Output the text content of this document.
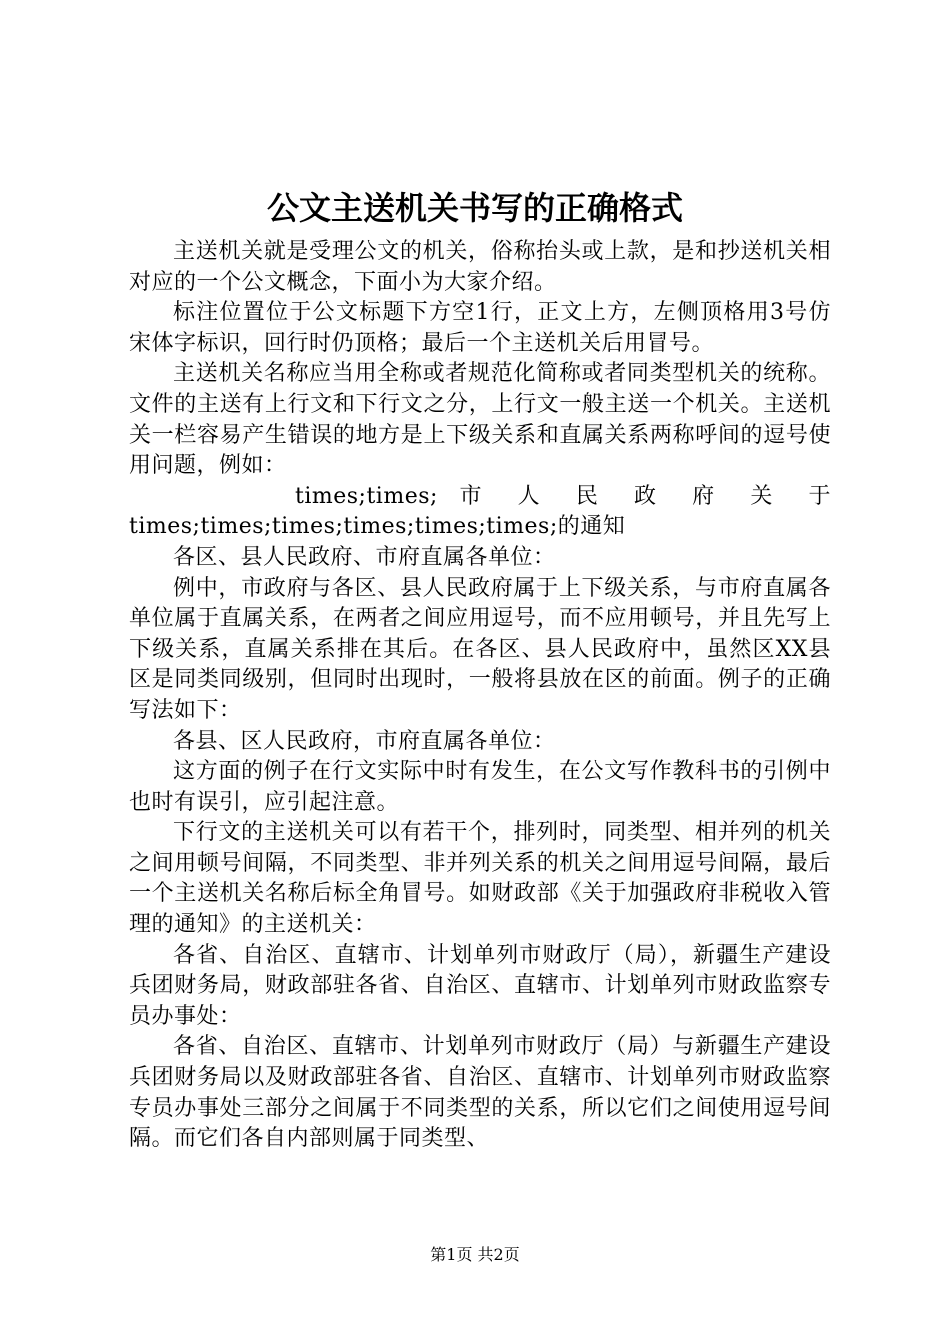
公文主送机关书写的正确格式

主送机关就是受理公文的机关，俗称抬头或上款，是和抄送机关相对应的一个公文概念，下面小为大家介绍。

标注位置位于公文标题下方空1行，正文上方，左侧顶格用3号仿宋体字标识，回行时仍顶格；最后一个主送机关后用冒号。

主送机关名称应当用全称或者规范化简称或者同类型机关的统称。文件的主送有上行文和下行文之分，上行文一般主送一个机关。主送机关一栏容易产生错误的地方是上下级关系和直属关系两称呼间的逗号使用问题，例如：

times;times; 市 人 民 政 府 关 于 times;times;times;times;times;times;的通知

各区、县人民政府、市府直属各单位：

例中，市政府与各区、县人民政府属于上下级关系，与市府直属各单位属于直属关系，在两者之间应用逗号，而不应用顿号，并且先写上下级关系，直属关系排在其后。在各区、县人民政府中，虽然区XX县区是同类同级别，但同时出现时，一般将县放在区的前面。例子的正确写法如下：

各县、区人民政府，市府直属各单位：

这方面的例子在行文实际中时有发生，在公文写作教科书的引例中也时有误引，应引起注意。

下行文的主送机关可以有若干个，排列时，同类型、相并列的机关之间用顿号间隔，不同类型、非并列关系的机关之间用逗号间隔，最后一个主送机关名称后标全角冒号。如财政部《关于加强政府非税收入管理的通知》的主送机关：

各省、自治区、直辖市、计划单列市财政厅（局），新疆生产建设兵团财务局，财政部驻各省、自治区、直辖市、计划单列市财政监察专员办事处：

各省、自治区、直辖市、计划单列市财政厅（局）与新疆生产建设兵团财务局以及财政部驻各省、自治区、直辖市、计划单列市财政监察专员办事处三部分之间属于不同类型的关系，所以它们之间使用逗号间隔。而它们各自内部则属于同类型、

第1页 共2页
